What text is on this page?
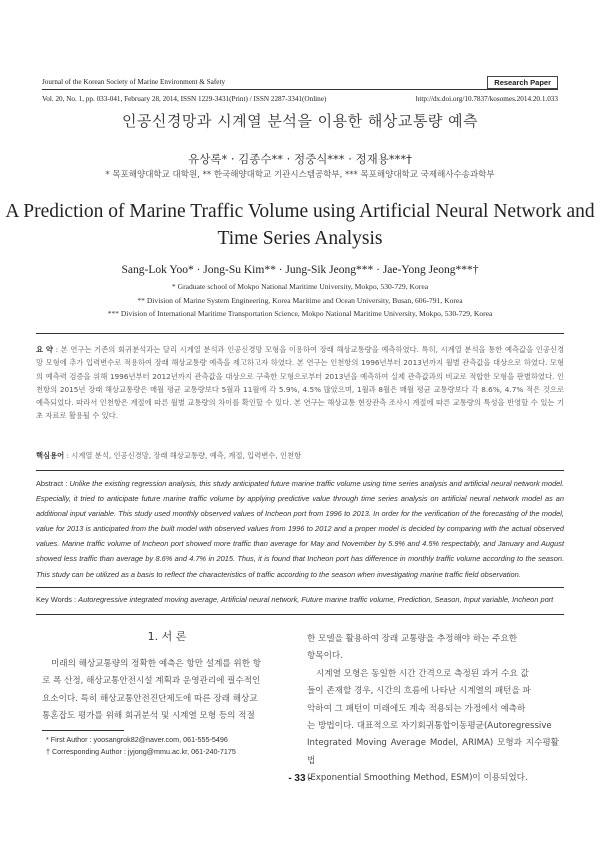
Journal of the Korean Society of Marine Environment & Safety	Research Paper
Vol. 20, No. 1, pp. 033-041, February 28, 2014, ISSN 1229-3431(Print) / ISSN 2287-3341(Online)	http://dx.doi.org/10.7837/kosomes.2014.20.1.033
인공신경망과 시계열 분석을 이용한 해상교통량 예측
유상록* · 김종수** · 정중식*** · 정재용***†
* 목포해양대학교 대학원, ** 한국해양대학교 기관시스템공학부, *** 목포해양대학교 국제해사수송과학부
A Prediction of Marine Traffic Volume using Artificial Neural Network and
Time Series Analysis
Sang-Lok Yoo* · Jong-Su Kim** · Jung-Sik Jeong*** · Jae-Yong Jeong***†
* Graduate school of Mokpo National Maritime University, Mokpo, 530-729, Korea
** Division of Marine System Engineering, Korea Maritime and Ocean University, Busan, 606-791, Korea
*** Division of International Maritime Transportation Science, Mokpo National Maritime University, Mokpo, 530-729, Korea
요 약 : 본 연구는 기존의 회귀분석과는 달리 시계열 분석과 인공신경망 모형을 이용하여 장래 해상교통량을 예측하였다. 특히, 시계열 분석을 통한 예측값을 인공신경망 모형에 추가 입력변수로 적용하여 장래 해상교통량 예측을 제고하고자 하였다. 본 연구는 인천항의 1996년부터 2013년까지 월별 관측값을 대상으로 하였다. 모형의 예측력 검증을 위해 1996년부터 2012년까지 관측값을 대상으로 구축한 모형으로부터 2013년을 예측하여 실제 관측값과의 비교로 적합한 모형을 판별하였다. 인천항의 2015년 장래 해상교통량은 매월 평균 교통량보다 5월과 11월에 각 5.9%, 4.5% 많았으며, 1월과 8월은 매월 평균 교통량보다 각 8.6%, 4.7% 적은 것으로 예측되었다. 따라서 인천항은 계절에 따른 월별 교통량의 차이를 확인할 수 있다. 본 연구는 해상교통 현장관측 조사시 계절에 따른 교통량의 특성을 반영할 수 있는 기초 자료로 활용될 수 있다.
핵심용어 : 시계열 분석, 인공신경망, 장래 해상교통량, 예측, 계절, 입력변수, 인천항
Abstract : Unlike the existing regression analysis, this study anticipated future marine traffic volume using time series analysis and artificial neural network model. Especially, it tried to anticipate future marine traffic volume by applying predictive value through time series analysis on artificial neural network model as an additional input variable. This study used monthly observed values of Incheon port from 1996 to 2013. In order for the verification of the forecasting of the model, value for 2013 is anticipated from the built model with observed values from 1996 to 2012 and a proper model is decided by comparing with the actual observed values. Marine traffic volume of Incheon port showed more traffic than average for May and November by 5.9% and 4.5% respectably, and January and August showed less traffic than average by 8.6% and 4.7% in 2015. Thus, it is found that Incheon port has difference in monthly traffic volume according to the season. This study can be utilized as a basis to reflect the characteristics of traffic according to the season when investigating marine traffic field observation.
Key Words : Autoregressive integrated moving average, Artificial neural network, Future marine traffic volume, Prediction, Season, Input variable, Incheon port
1. 서 론
미래의 해상교통량의 정확한 예측은 항만 설계를 위한 항
로 폭 산정, 해상교통안전시설 계획과 운영관리에 필수적인
요소이다. 특히 해상교통안전진단제도에 따른 장래 해상교
통혼잡도 평가를 위해 회귀분석 및 시계열 모형 등의 적절
* First Author : yoosangrok82@naver.com, 061-555-5496
† Corresponding Author : jyjong@mmu.ac.kr, 061-240-7175
한 모델을 활용하여 장래 교통량을 추정해야 하는 주요한
항목이다.
시계열 모형은 동일한 시간 간격으로 측정된 과거 수요 값
들이 존재할 경우, 시간의 흐름에 나타난 시계열의 패턴을 파
악하여 그 패턴이 미래에도 계속 적용되는 가정에서 예측하
는 방법이다. 대표적으로 자기회귀통합이동평균(Autoregressive
Integrated Moving Average Model, ARIMA) 모형과 지수평활법
(Exponential Smoothing Method, ESM)이 이용되었다.
- 33 -
